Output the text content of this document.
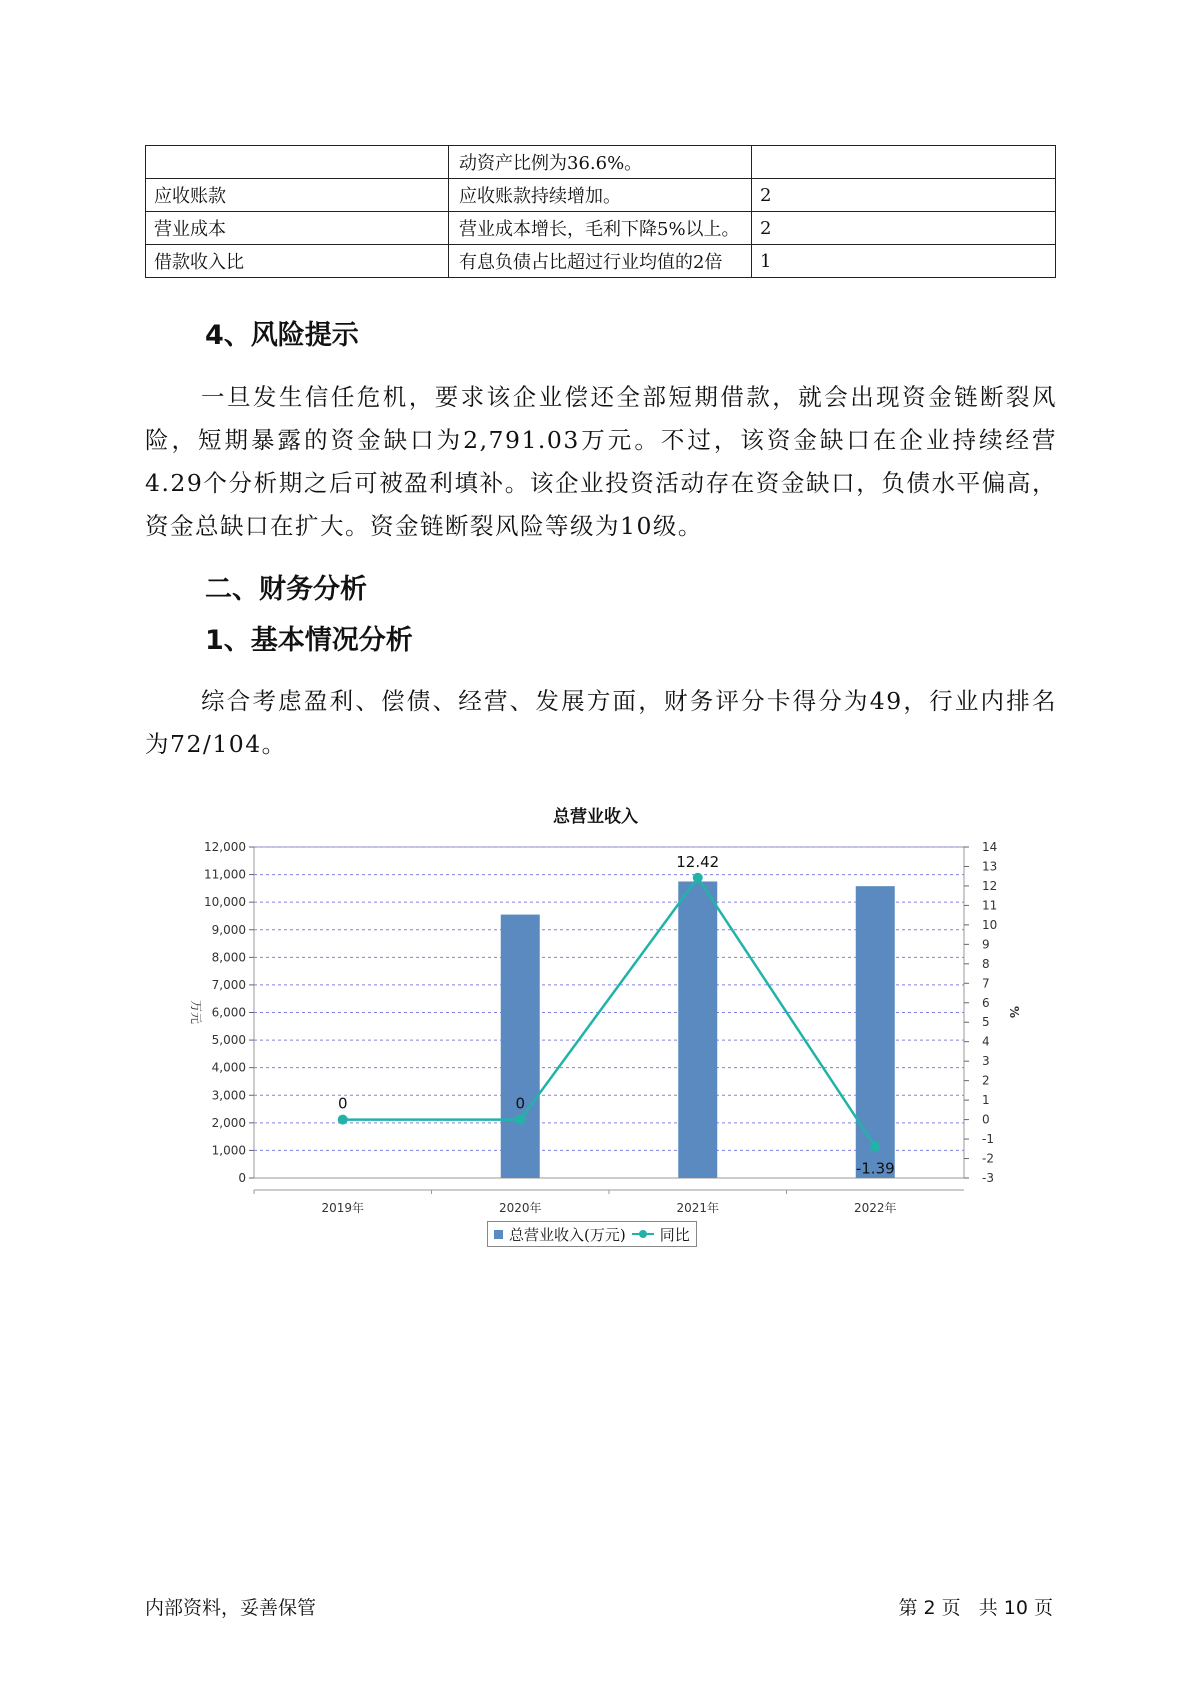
	动资产比例为36.6%。	
应收账款	应收账款持续增加。	2
营业成本	营业成本增长，毛利下降5%以上。	2
借款收入比	有息负债占比超过行业均值的2倍	1
4、风险提示
一旦发生信任危机，要求该企业偿还全部短期借款，就会出现资金链断裂风险，短期暴露的资金缺口为2,791.03万元。不过，该资金缺口在企业持续经营 4.29个分析期之后可被盈利填补。该企业投资活动存在资金缺口，负债水平偏高，资金总缺口在扩大。资金链断裂风险等级为10级。
二、财务分析
1、基本情况分析
综合考虑盈利、偿债、经营、发展方面，财务评分卡得分为49，行业内排名为72/104。
总营业收入
0
1,000
2,000
3,000
4,000
5,000
6,000
7,000
8,000
9,000
10,000
11,000
12,000
-3
-2
-1
0
1
2
3
4
5
6
7
8
9
10
11
12
13
14
万元	%
2019年	2020年	2021年	2022年
0	0
12.42
-1.39
总营业收入(万元) 同比
内部资料，妥善保管	第 2 页   共 10 页
